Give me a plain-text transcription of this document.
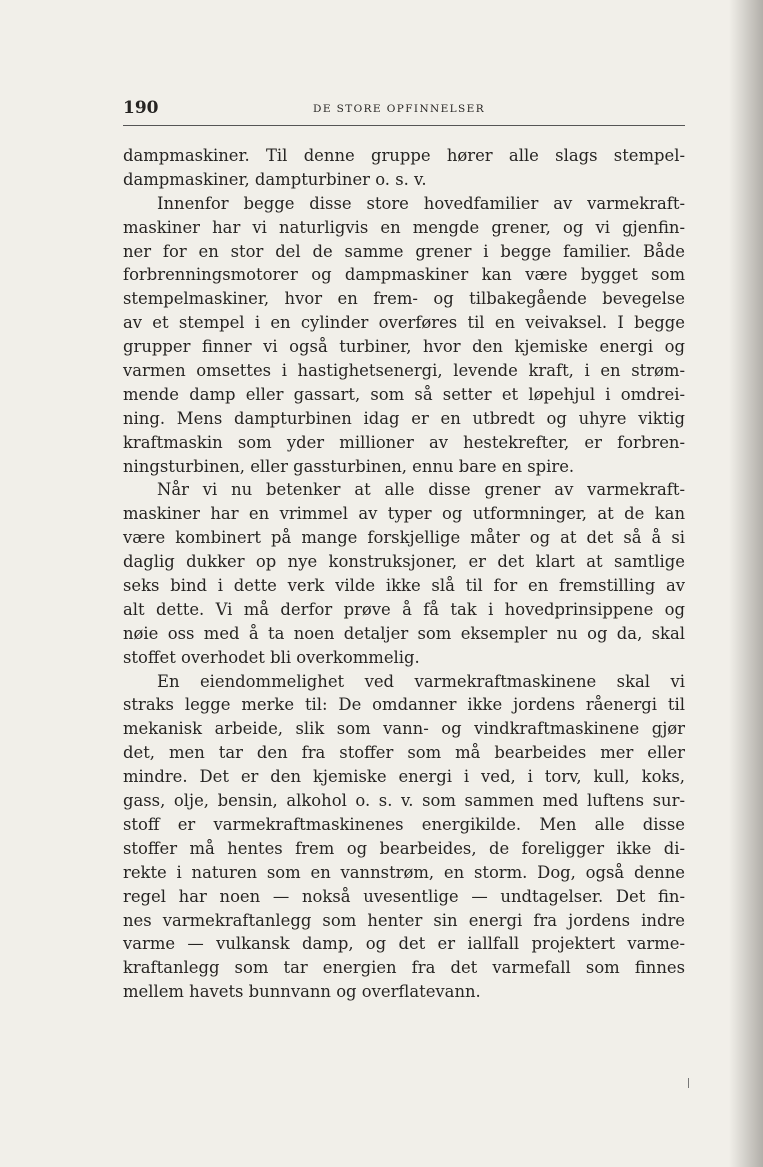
190	DE STORE OPFINNELSER
dampmaskiner. Til denne gruppe hører alle slags stempel-
dampmaskiner, dampturbiner o. s. v.
Innenfor begge disse store hovedfamilier av varmekraft-
maskiner har vi naturligvis en mengde grener, og vi gjenfin-
ner for en stor del de samme grener i begge familier. Både
forbrenningsmotorer og dampmaskiner kan være bygget som
stempelmaskiner, hvor en frem- og tilbakegående bevegelse
av et stempel i en cylinder overføres til en veivaksel. I begge
grupper finner vi også turbiner, hvor den kjemiske energi og
varmen omsettes i hastighetsenergi, levende kraft, i en strøm-
mende damp eller gassart, som så setter et løpehjul i omdrei-
ning. Mens dampturbinen idag er en utbredt og uhyre viktig
kraftmaskin som yder millioner av hestekrefter, er forbren-
ningsturbinen, eller gassturbinen, ennu bare en spire.
Når vi nu betenker at alle disse grener av varmekraft-
maskiner har en vrimmel av typer og utformninger, at de kan
være kombinert på mange forskjellige måter og at det så å si
daglig dukker op nye konstruksjoner, er det klart at samtlige
seks bind i dette verk vilde ikke slå til for en fremstilling av
alt dette. Vi må derfor prøve å få tak i hovedprinsippene og
nøie oss med å ta noen detaljer som eksempler nu og da, skal
stoffet overhodet bli overkommelig.
En eiendommelighet ved varmekraftmaskinene skal vi
straks legge merke til: De omdanner ikke jordens råenergi til
mekanisk arbeide, slik som vann- og vindkraftmaskinene gjør
det, men tar den fra stoffer som må bearbeides mer eller
mindre. Det er den kjemiske energi i ved, i torv, kull, koks,
gass, olje, bensin, alkohol o. s. v. som sammen med luftens sur-
stoff er varmekraftmaskinenes energikilde. Men alle disse
stoffer må hentes frem og bearbeides, de foreligger ikke di-
rekte i naturen som en vannstrøm, en storm. Dog, også denne
regel har noen — nokså uvesentlige — undtagelser. Det fin-
nes varmekraftanlegg som henter sin energi fra jordens indre
varme — vulkansk damp, og det er iallfall projektert varme-
kraftanlegg som tar energien fra det varmefall som finnes
mellem havets bunnvann og overflatevann.
